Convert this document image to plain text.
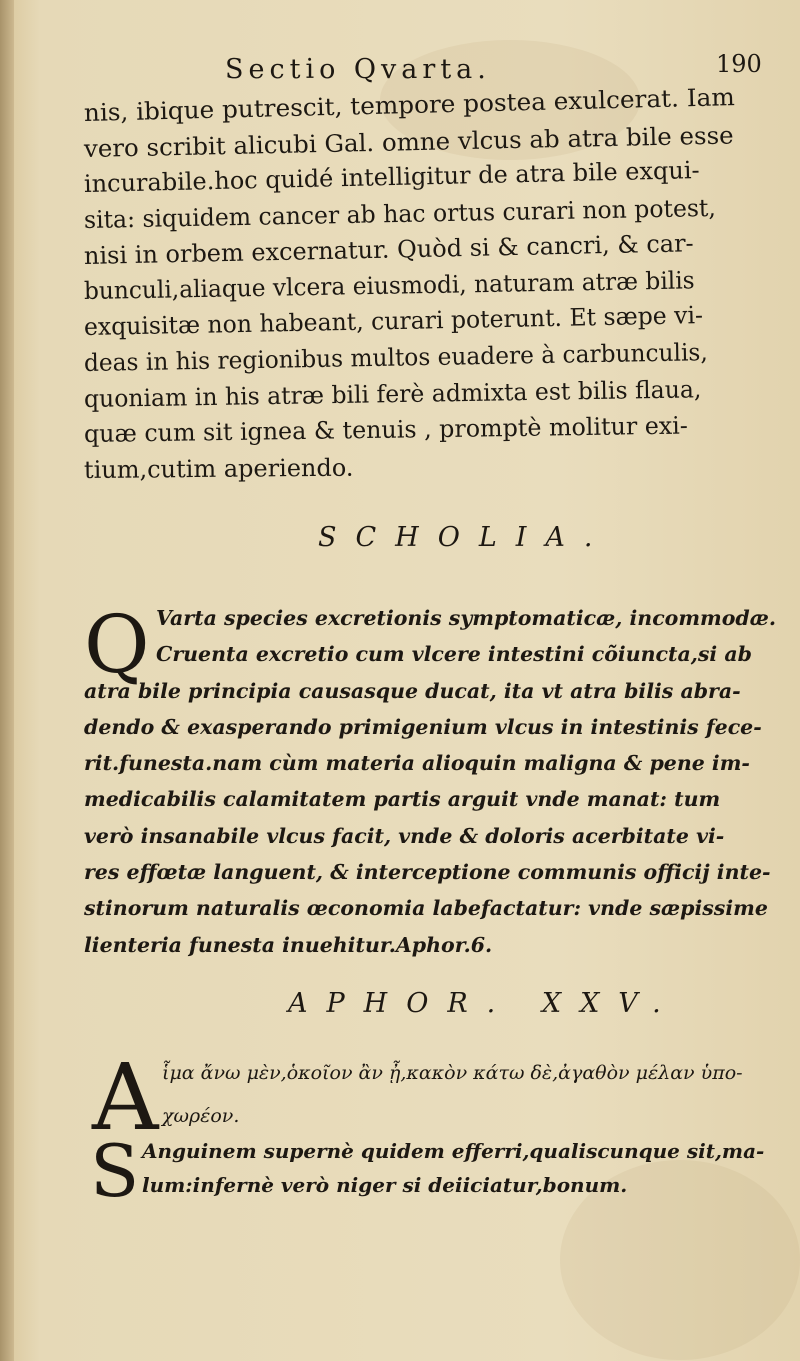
Sectio Qvarta.	190
nis, ibique putrescit, tempore postea exulcerat. Iam
vero scribit alicubi Gal. omne vlcus ab atra bile esse
incurabile.hoc quidé intelligitur de atra bile exqui-
sita: siquidem cancer ab hac ortus curari non potest,
nisi in orbem excernatur. Quòd si & cancri, & car-
bunculi,aliaque vlcera eiusmodi, naturam atræ bilis
exquisitæ non habeant, curari poterunt. Et sæpe vi-
deas in his regionibus multos euadere à carbunculis,
quoniam in his atræ bili ferè admixta est bilis flaua,
quæ cum sit ignea & tenuis , promptè molitur exi-
tium,cutim aperiendo.
SCHOLIA.
Q Varta species excretionis symptomaticæ, incommodæ.
Cruenta excretio cum vlcere intestini cõiuncta,si ab
atra bile principia causasque ducat, ita vt atra bilis abra-
dendo & exasperando primigenium vlcus in intestinis fece-
rit.funesta.nam cùm materia alioquin maligna & pene im-
medicabilis calamitatem partis arguit vnde manat: tum
verò insanabile vlcus facit, vnde & doloris acerbitate vi-
res effœtæ languent, & interceptione communis officij inte-
stinorum naturalis œconomia labefactatur: vnde sæpissime
lienteria funesta inuehitur.Aphor.6.
APHOR. XXV.
A ἷμα ἄνω μὲν,ὁκοῖον ἂν ᾖ,κακὸν κάτω δὲ,ἀγαθὸν μέλαν ὑπο-
χωρέον.
S Anguinem supernè quidem efferri,qualiscunque sit,ma-
lum:infernè verò niger si deiiciatur,bonum.
